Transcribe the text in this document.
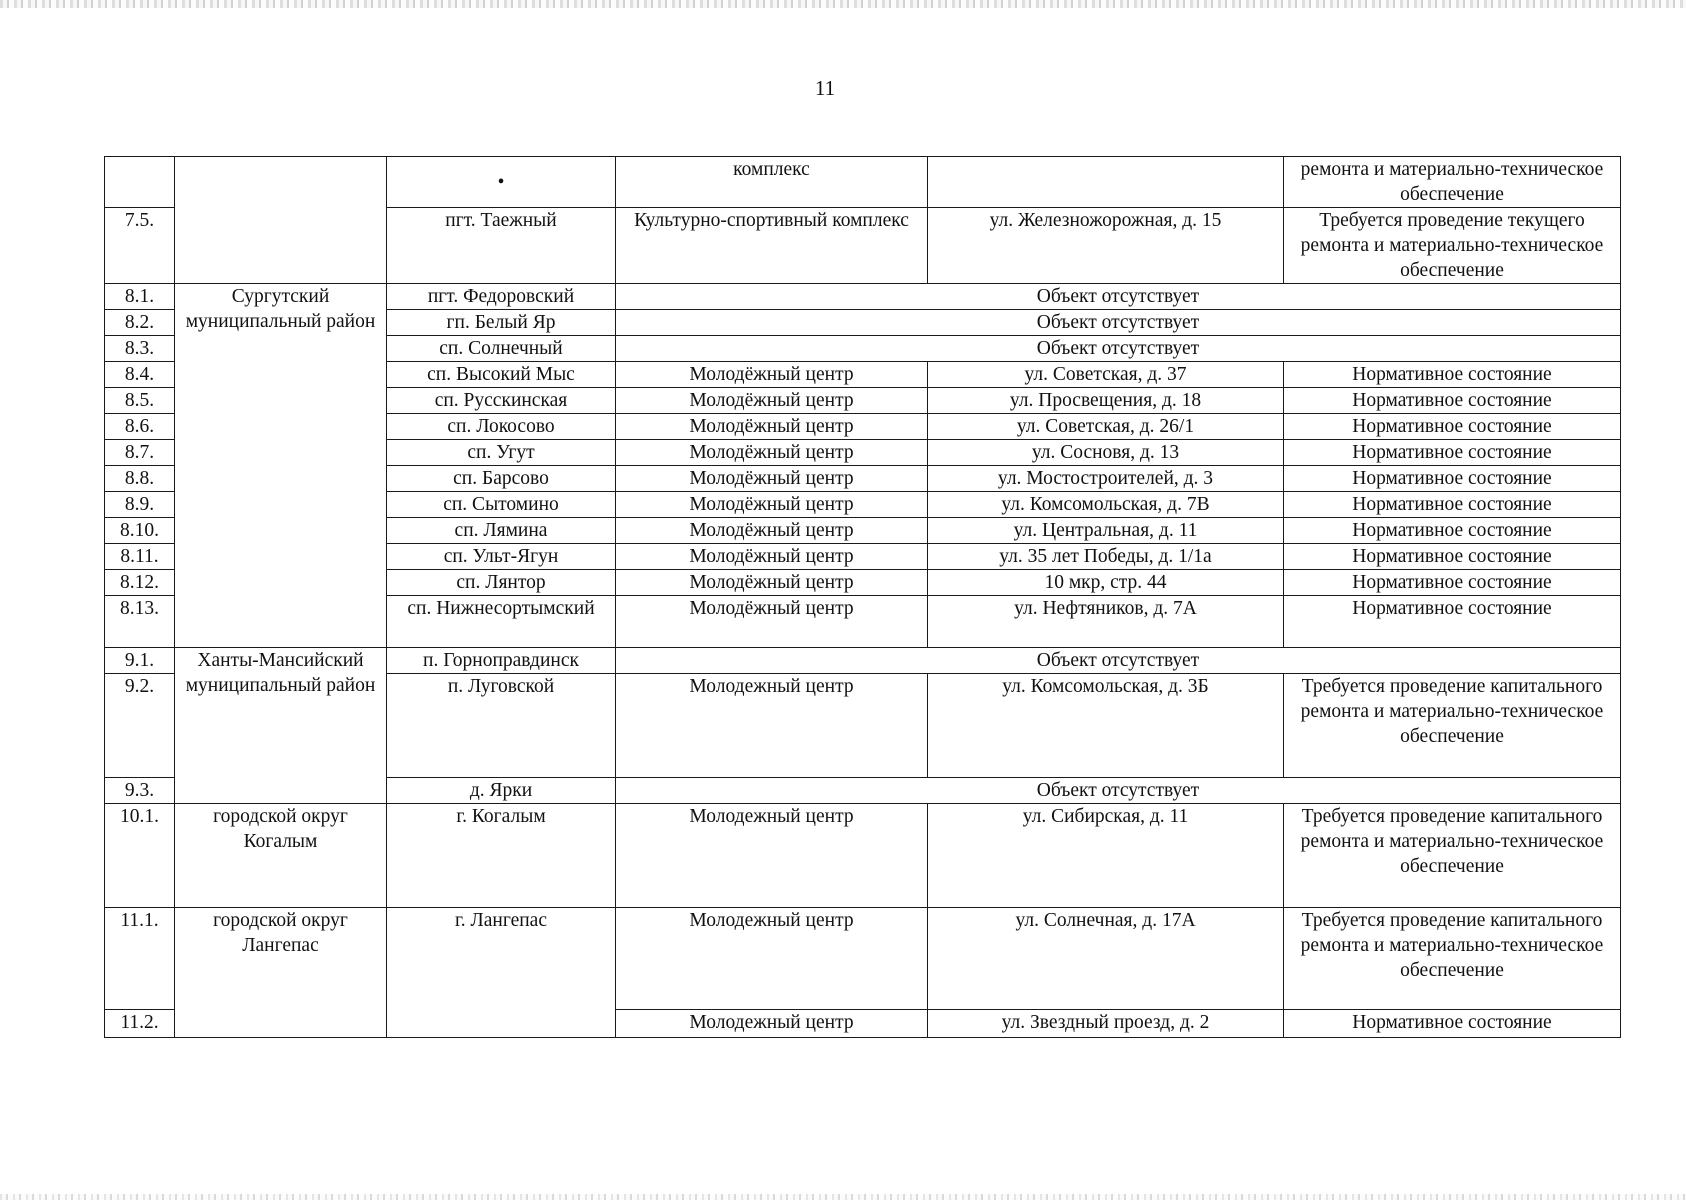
11
		•	комплекс		ремонта и материально-техническое обеспечение
7.5.		пгт. Таежный	Культурно-спортивный комплекс	ул. Железножорожная, д. 15	Требуется проведение текущего ремонта и материально-техническое обеспечение
8.1.	Сургутский муниципальный район	пгт. Федоровский	Объект отсутствует		
8.2.		гп. Белый Яр	Объект отсутствует		
8.3.		сп. Солнечный	Объект отсутствует		
8.4.		сп. Высокий Мыс	Молодёжный центр	ул. Советская, д. 37	Нормативное состояние
8.5.		сп. Русскинская	Молодёжный центр	ул. Просвещения, д. 18	Нормативное состояние
8.6.		сп. Локосово	Молодёжный центр	ул. Советская, д. 26/1	Нормативное состояние
8.7.		сп. Угут	Молодёжный центр	ул. Сосновя, д. 13	Нормативное состояние
8.8.		сп. Барсово	Молодёжный центр	ул. Мостостроителей, д. 3	Нормативное состояние
8.9.		сп. Сытомино	Молодёжный центр	ул. Комсомольская, д. 7В	Нормативное состояние
8.10.		сп. Лямина	Молодёжный центр	ул. Центральная, д. 11	Нормативное состояние
8.11.		сп. Ульт-Ягун	Молодёжный центр	ул. 35 лет Победы, д. 1/1а	Нормативное состояние
8.12.		сп. Лянтор	Молодёжный центр	10 мкр, стр. 44	Нормативное состояние
8.13.		сп. Нижнесортымский	Молодёжный центр	ул. Нефтяников, д. 7А	Нормативное состояние
9.1.	Ханты-Мансийский муниципальный район	п. Горноправдинск	Объект отсутствует		
9.2.		п. Луговской	Молодежный центр	ул. Комсомольская, д. 3Б	Требуется проведение капитального ремонта и материально-техническое обеспечение
9.3.		д. Ярки	Объект отсутствует		
10.1.	городской округ Когалым	г. Когалым	Молодежный центр	ул. Сибирская, д. 11	Требуется проведение капитального ремонта и материально-техническое обеспечение
11.1.	городской округ Лангепас	г. Лангепас	Молодежный центр	ул. Солнечная, д. 17А	Требуется проведение капитального ремонта и материально-техническое обеспечение
11.2.			Молодежный центр	ул. Звездный проезд, д. 2	Нормативное состояние
